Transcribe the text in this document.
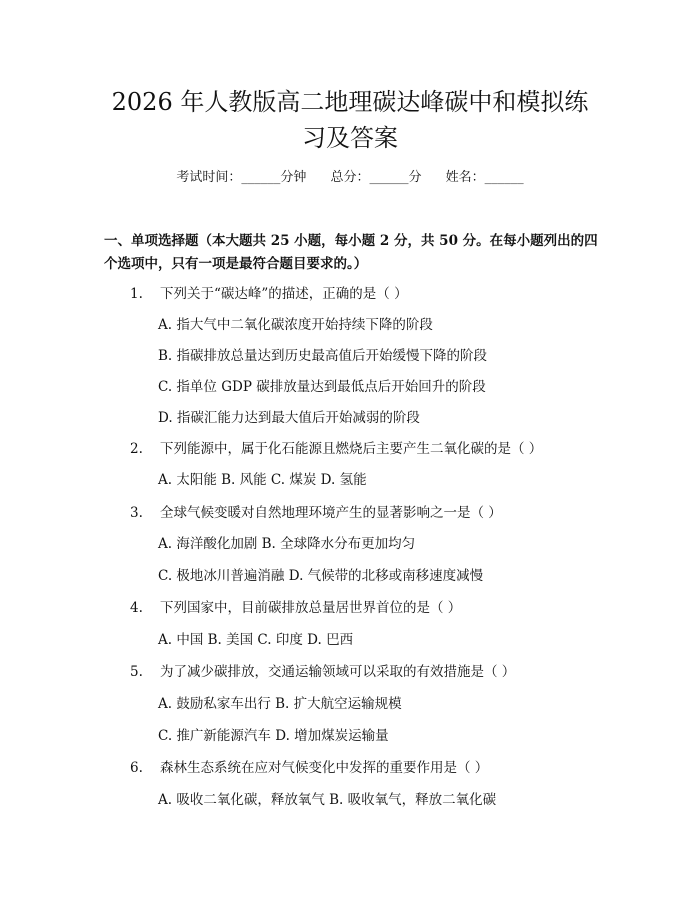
2026 年人教版高二地理碳达峰碳中和模拟练
习及答案
考试时间：______分钟 总分：______分 姓名：______

一、单项选择题（本大题共 25 小题，每小题 2 分，共 50 分。在每小题列出的四个选项中，只有一项是最符合题目要求的。）

1. 下列关于“碳达峰”的描述，正确的是（ ）
A. 指大气中二氧化碳浓度开始持续下降的阶段
B. 指碳排放总量达到历史最高值后开始缓慢下降的阶段
C. 指单位 GDP 碳排放量达到最低点后开始回升的阶段
D. 指碳汇能力达到最大值后开始减弱的阶段
2. 下列能源中，属于化石能源且燃烧后主要产生二氧化碳的是（ ）
A. 太阳能 B. 风能 C. 煤炭 D. 氢能
3. 全球气候变暖对自然地理环境产生的显著影响之一是（ ）
A. 海洋酸化加剧 B. 全球降水分布更加均匀
C. 极地冰川普遍消融 D. 气候带的北移或南移速度减慢
4. 下列国家中，目前碳排放总量居世界首位的是（ ）
A. 中国 B. 美国 C. 印度 D. 巴西
5. 为了减少碳排放，交通运输领域可以采取的有效措施是（ ）
A. 鼓励私家车出行 B. 扩大航空运输规模
C. 推广新能源汽车 D. 增加煤炭运输量
6. 森林生态系统在应对气候变化中发挥的重要作用是（ ）
A. 吸收二氧化碳，释放氧气 B. 吸收氧气，释放二氧化碳
